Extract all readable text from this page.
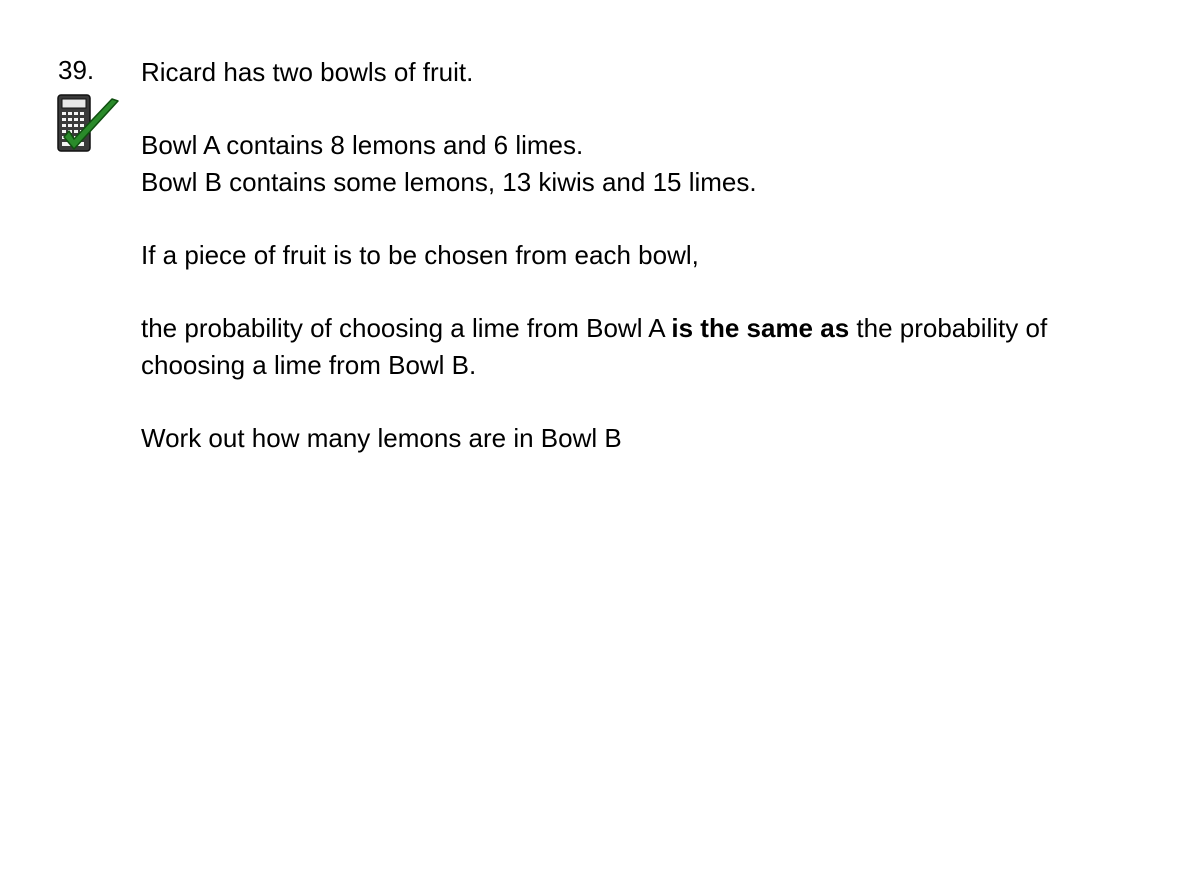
39. Ricard has two bowls of fruit.
Bowl A contains 8 lemons and 6 limes.
Bowl B contains some lemons, 13 kiwis and 15 limes.
If a piece of fruit is to be chosen from each bowl,
the probability of choosing a lime from Bowl A is the same as the probability of
choosing a lime from Bowl B.
Work out how many lemons are in Bowl B
